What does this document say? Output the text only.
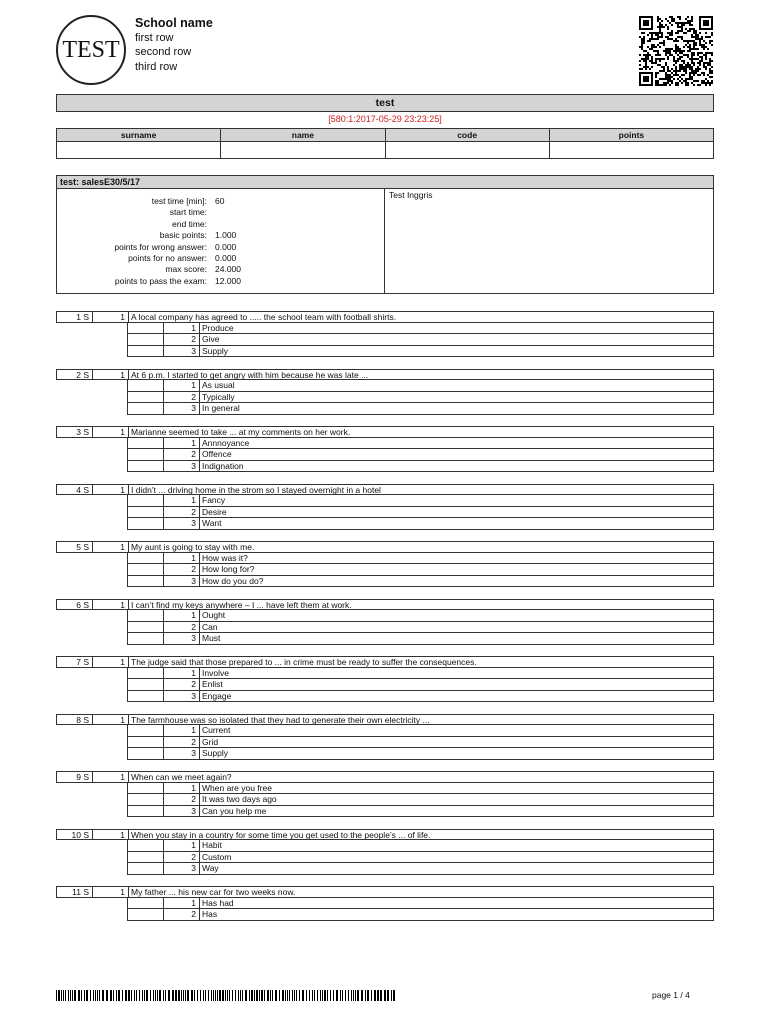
TEST
School name
first row
second row
third row
test
[580:1:2017-05-29 23:23:25]
surname	name	code	points

test: salesE30/5/17
test time [min]: 60
start time:
end time:
basic points: 1.000
points for wrong answer: 0.000
points for no answer: 0.000
max score: 24.000
points to pass the exam: 12.000
Test Inggris
1 S	1 A local company has agreed to ..... the school team with football shirts.
1 Produce
2 Give
3 Supply
2 S	1 At 6 p.m. I started to get angry with him because he was late ...
1 As usual
2 Typically
3 In general
3 S	1 Marianne seemed to take ... at my comments on her work.
1 Annnoyance
2 Offence
3 Indignation
4 S	1 I didn’t ... driving home in the strom so I stayed overnight in a hotel
1 Fancy
2 Desire
3 Want
5 S	1 My aunt is going to stay with me.
1 How was it?
2 How long for?
3 How do you do?
6 S	1 I can’t find my keys anywhere – I ... have left them at work.
1 Ought
2 Can
3 Must
7 S	1 The judge said that those prepared to ... in crime must be ready to suffer the consequences.
1 Involve
2 Enlist
3 Engage
8 S	1 The farmhouse was so isolated that they had to generate their own electricity ...
1 Current
2 Grid
3 Supply
9 S	1 When can we meet again?
1 When are you free
2 It was two days ago
3 Can you help me
10 S	1 When you stay in a country for some time you get used to the people’s ... of life.
1 Habit
2 Custom
3 Way
11 S	1 My father ... his new car for two weeks now.
1 Has had
2 Has
page 1 / 4
